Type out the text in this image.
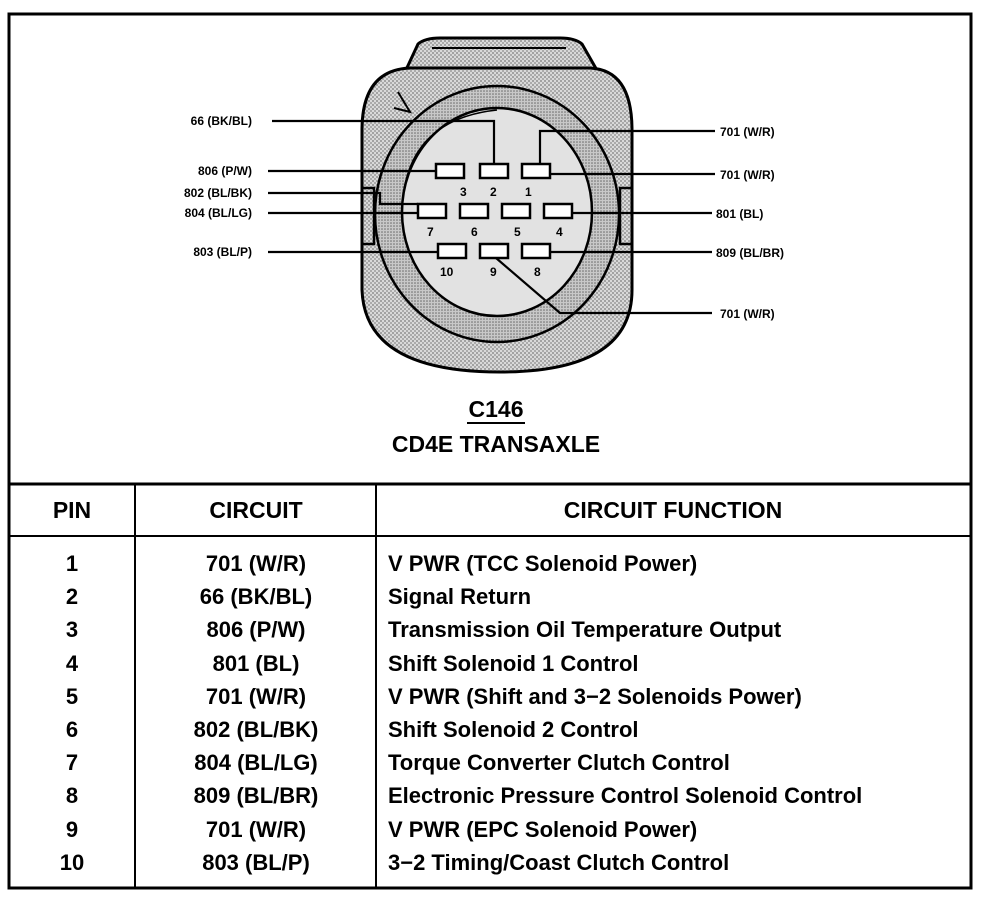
3 2 1
7	6	5	4
10	9	8
66 (BK/BL)
806 (P/W)
802 (BL/BK)
804 (BL/LG)
803 (BL/P)
701 (W/R)
701 (W/R)
801 (BL)
809 (BL/BR)
701 (W/R)
C146
CD4E TRANSAXLE
PIN	CIRCUIT	CIRCUIT FUNCTION
1	701 (W/R)	V PWR (TCC Solenoid Power)
2	66 (BK/BL)	Signal Return
3	806 (P/W)	Transmission Oil Temperature Output
4	801 (BL)	Shift Solenoid 1 Control
5	701 (W/R)	V PWR (Shift and 3−2 Solenoids Power)
6	802 (BL/BK)	Shift Solenoid 2 Control
7	804 (BL/LG)	Torque Converter Clutch Control
8	809 (BL/BR)	Electronic Pressure Control Solenoid Control
9	701 (W/R)	V PWR (EPC Solenoid Power)
10	803 (BL/P)	3−2 Timing/Coast Clutch Control
